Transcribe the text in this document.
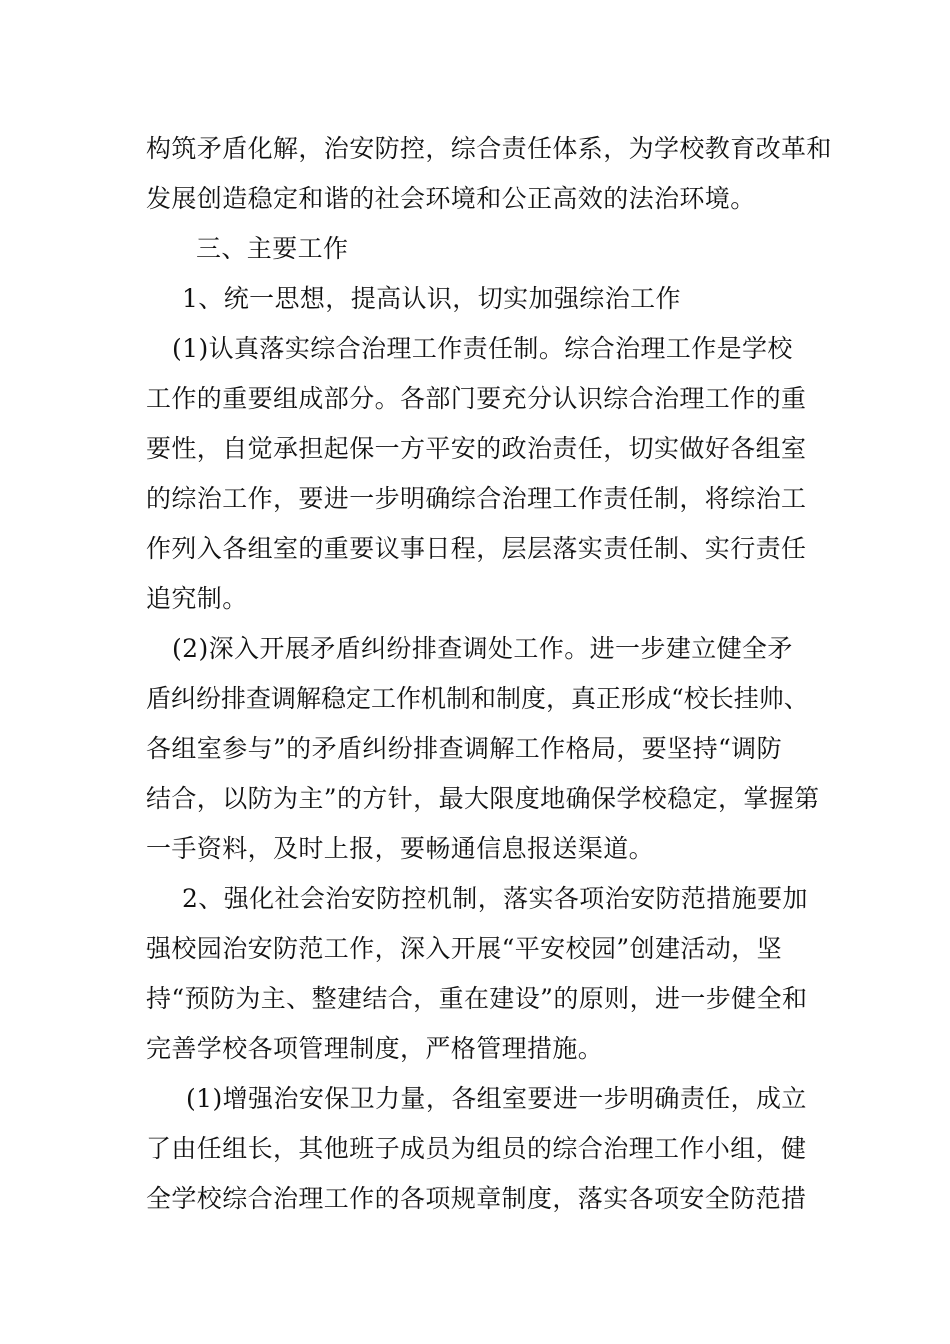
构筑矛盾化解，治安防控，综合责任体系，为学校教育改革和
发展创造稳定和谐的社会环境和公正高效的法治环境。
三、主要工作
1、统一思想，提高认识，切实加强综治工作
(1)认真落实综合治理工作责任制。综合治理工作是学校
工作的重要组成部分。各部门要充分认识综合治理工作的重
要性，自觉承担起保一方平安的政治责任，切实做好各组室
的综治工作，要进一步明确综合治理工作责任制，将综治工
作列入各组室的重要议事日程，层层落实责任制、实行责任
追究制。
(2)深入开展矛盾纠纷排查调处工作。进一步建立健全矛
盾纠纷排查调解稳定工作机制和制度，真正形成“校长挂帅、
各组室参与”的矛盾纠纷排查调解工作格局，要坚持“调防
结合，以防为主”的方针，最大限度地确保学校稳定，掌握第
一手资料，及时上报，要畅通信息报送渠道。
2、强化社会治安防控机制，落实各项治安防范措施要加
强校园治安防范工作，深入开展“平安校园”创建活动，坚
持“预防为主、整建结合，重在建设”的原则，进一步健全和
完善学校各项管理制度，严格管理措施。
(1)增强治安保卫力量，各组室要进一步明确责任，成立
了由任组长，其他班子成员为组员的综合治理工作小组，健
全学校综合治理工作的各项规章制度，落实各项安全防范措
